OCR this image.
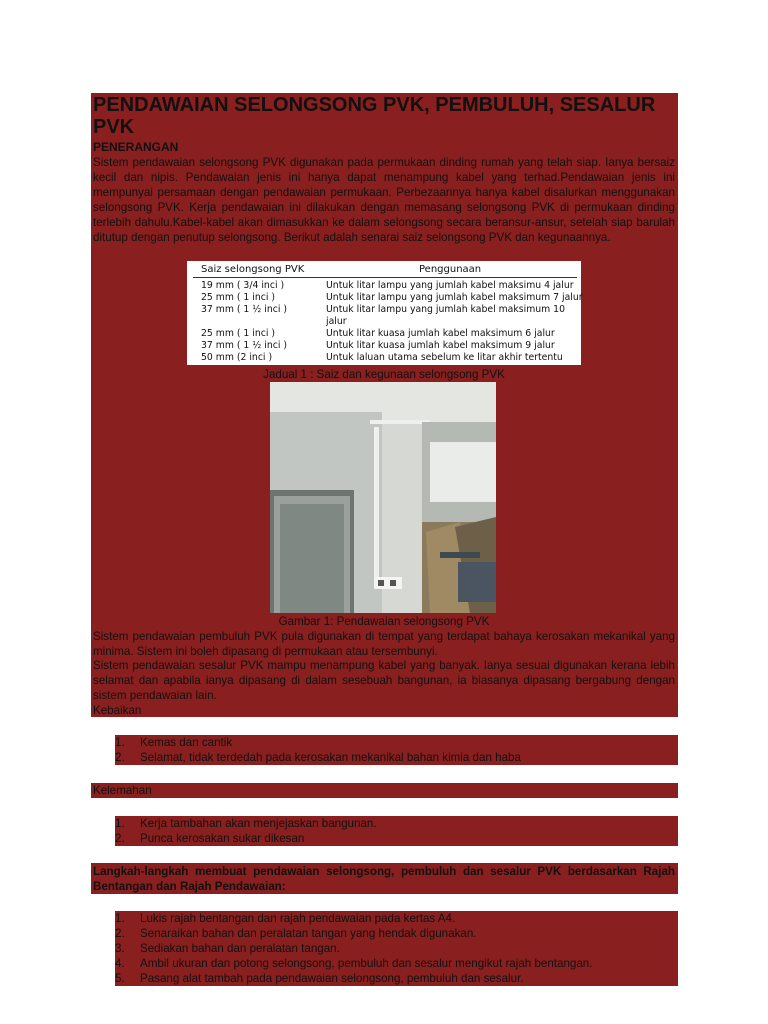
PENDAWAIAN SELONGSONG PVK, PEMBULUH, SESALUR PVK
PENERANGAN

Sistem pendawaian selongsong PVK digunakan pada permukaan dinding rumah yang telah siap. Ianya bersaiz kecil dan nipis. Pendawaian jenis ini hanya dapat menampung kabel yang terhad.Pendawaian jenis ini mempunyai persamaan dengan pendawaian permukaan. Perbezaannya hanya kabel disalurkan menggunakan selongsong PVK. Kerja pendawaian ini dilakukan dengan memasang selongsong PVK di permukaan dinding terlebih dahulu.Kabel-kabel akan dimasukkan ke dalam selongsong secara beransur-ansur, setelah siap barulah ditutup dengan penutup selongsong. Berikut adalah senarai saiz selongsong PVK dan kegunaannya.

Saiz selongsong PVK	Penggunaan
19 mm ( 3/4 inci )	Untuk litar lampu yang jumlah kabel maksimu 4 jalur
25 mm ( 1 inci )	Untuk litar lampu yang jumlah kabel maksimum 7 jalur
37 mm ( 1 ½ inci )	Untuk litar lampu yang jumlah kabel maksimum 10
jalur
25 mm ( 1 inci )	Untuk litar kuasa jumlah kabel maksimum 6 jalur
37 mm ( 1 ½ inci )	Untuk litar kuasa jumlah kabel maksimum 9 jalur
50 mm (2 inci )	Untuk laluan utama sebelum ke litar akhir tertentu
Jadual 1 : Saiz dan kegunaan selongsong PVK
Gambar 1: Pendawaian selongsong PVK

Sistem pendawaian pembuluh PVK pula digunakan di tempat yang terdapat bahaya kerosakan mekanikal yang minima. Sistem ini boleh dipasang di permukaan atau tersembunyi.

Sistem pendawaian sesalur PVK mampu menampung kabel yang banyak. Ianya sesuai digunakan kerana lebih selamat dan apabila ianya dipasang di dalam sesebuah bangunan, ia biasanya dipasang bergabung dengan sistem pendawaian lain.

Kebaikan
1. Kemas dan cantik
2. Selamat, tidak terdedah pada kerosakan mekanikal bahan kimia dan haba
Kelemahan
1. Kerja tambahan akan menjejaskan bangunan.
2. Punca kerosakan sukar dikesan
Langkah-langkah membuat pendawaian selongsong, pembuluh dan sesalur PVK berdasarkan Rajah Bentangan dan Rajah Pendawaian:
1. Lukis rajah bentangan dan rajah pendawaian pada kertas A4.
2. Senaraikan bahan dan peralatan tangan yang hendak digunakan.
3. Sediakan bahan dan peralatan tangan.
4. Ambil ukuran dan potong selongsong, pembuluh dan sesalur mengikut rajah bentangan.
5. Pasang alat tambah pada pendawaian selongsong, pembuluh dan sesalur.
